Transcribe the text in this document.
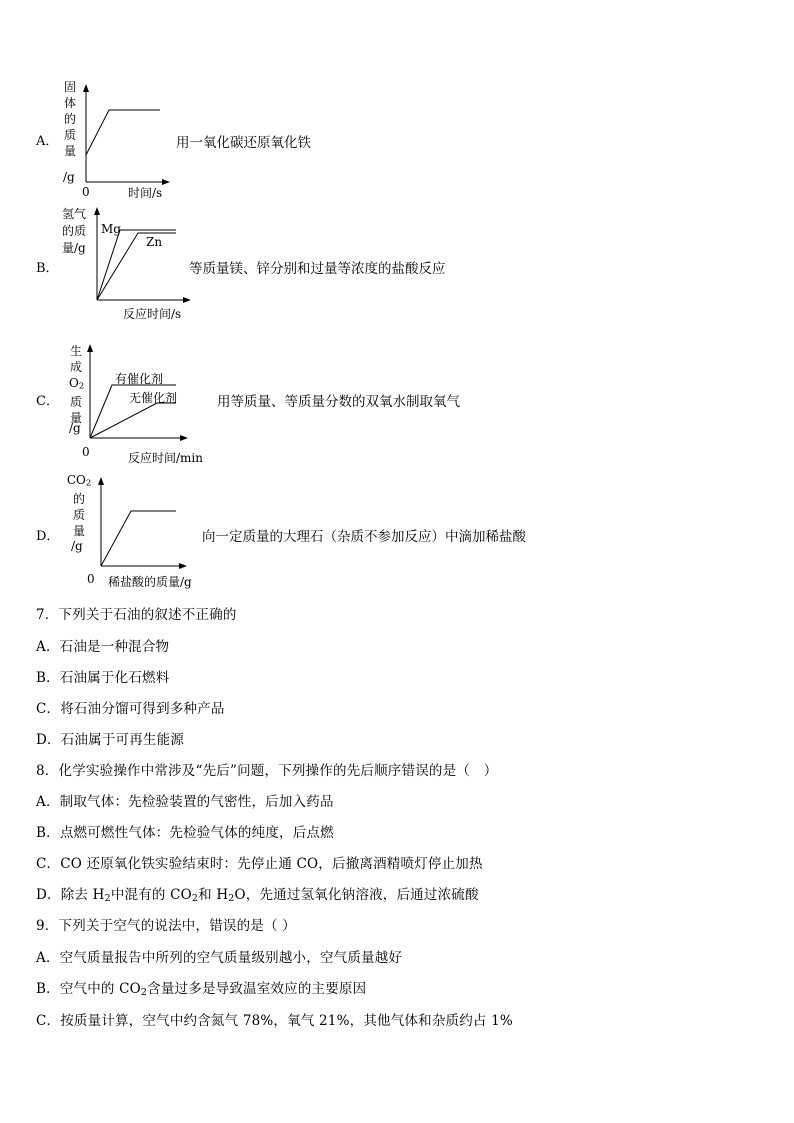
A．
固
体
的
质
量
/g
0	时间/s
用一氧化碳还原氧化铁
B．
氢气
的质
量/g
Mg
Zn
反应时间/s
等质量镁、锌分别和过量等浓度的盐酸反应
C．
生
成
$O_2$
质
量
/g
有催化剂
无催化剂
0	反应时间/min
用等质量、等质量分数的双氧水制取氧气
D．
$CO_2$
的
质
量
/g
0 稀盐酸的质量/g
向一定质量的大理石（杂质不参加反应）中滴加稀盐酸
7．下列关于石油的叙述不正确的
A．石油是一种混合物
B．石油属于化石燃料
C．将石油分馏可得到多种产品
D．石油属于可再生能源
8．化学实验操作中常涉及“先后”问题，下列操作的先后顺序错误的是（　）
A．制取气体：先检验装置的气密性，后加入药品
B．点燃可燃性气体：先检验气体的纯度，后点燃
C．CO 还原氧化铁实验结束时：先停止通 CO，后撤离酒精喷灯停止加热
D．除去 $H_2$中混有的 $CO_2$和 $H_2O$，先通过氢氧化钠溶液，后通过浓硫酸
9．下列关于空气的说法中，错误的是（ ）
A．空气质量报告中所列的空气质量级别越小，空气质量越好
B．空气中的 $CO_2$含量过多是导致温室效应的主要原因
C．按质量计算，空气中约含氮气 78%，氧气 21%，其他气体和杂质约占 1%
